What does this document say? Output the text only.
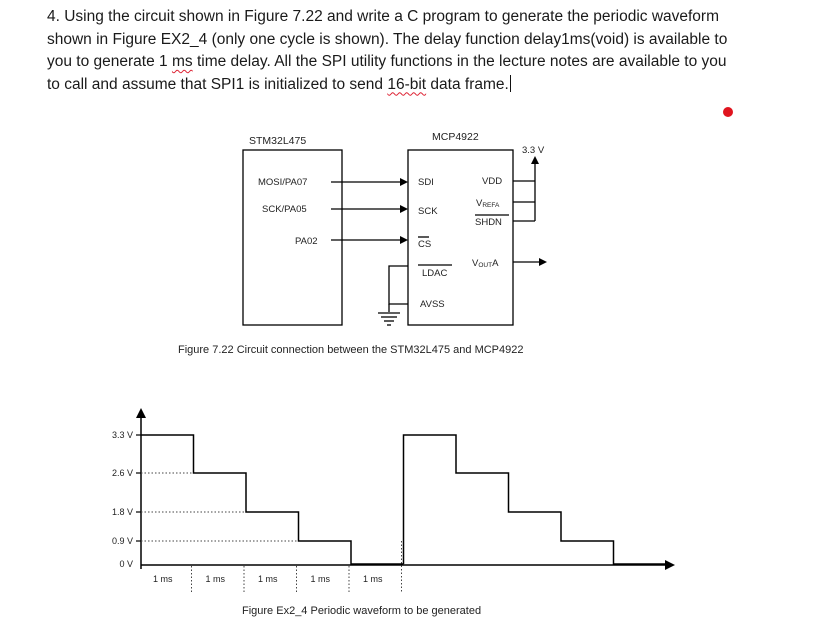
4. Using the circuit shown in Figure 7.22 and write a C program to generate the periodic waveform shown in Figure EX2_4 (only one cycle is shown). The delay function delay1ms(void) is available to you to generate 1 ms time delay. All the SPI utility functions in the lecture notes are available to you to call and assume that SPI1 is initialized to send 16-bit data frame.
STM32L475	MCP4922
MOSI/PA07
SCK/PA05
PA02
SDI
SCK
CS
LDAC
AVSS
VDD
VREFA
SHDN
VOUTA
3.3 V
Figure 7.22 Circuit connection between the STM32L475 and MCP4922
3.3 V
2.6 V
1.8 V
0.9 V
0 V
1 ms	1 ms	1 ms	1 ms	1 ms
Figure Ex2_4 Periodic waveform to be generated
